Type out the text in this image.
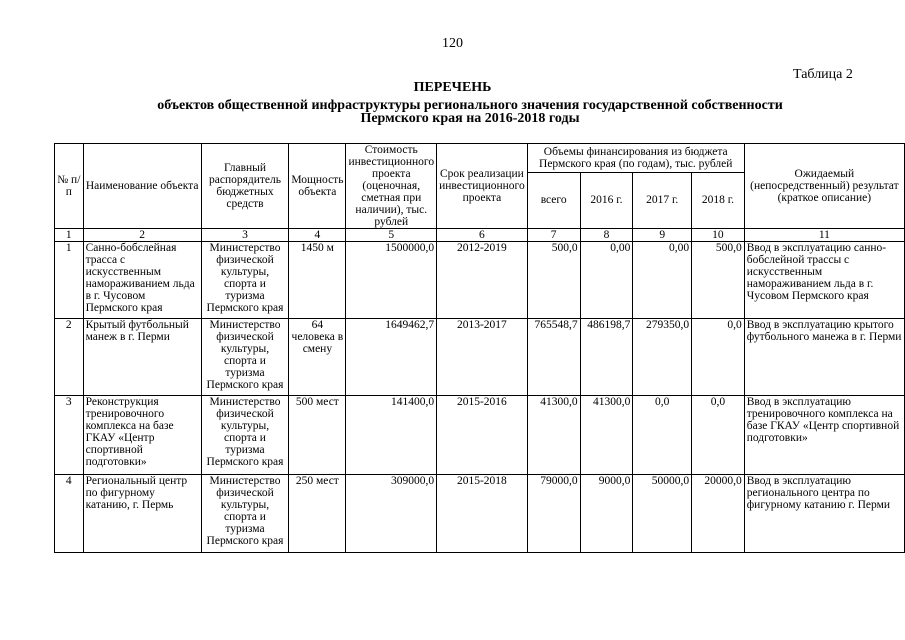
120
Таблица 2
ПЕРЕЧЕНЬ
объектов общественной инфраструктуры регионального значения государственной собственности
Пермского края на 2016-2018 годы
№ п/п	Наименование объекта	Главный распорядитель бюджетных средств	Мощность объекта	Стоимость инвестиционного проекта (оценочная, сметная при наличии), тыс. рублей	Срок реализации инвестиционного проекта	Объемы финансирования из бюджета Пермского края (по годам), тыс. рублей				Ожидаемый (непосредственный) результат (краткое описание)
						всего	2016 г.	2017 г.	2018 г.	
1	2	3	4	5	6	7	8	9	10	11
1	Санно-бобслейная трасса с искусственным намораживанием льда в г. Чусовом Пермского края	Министерство физической культуры, спорта и туризма Пермского края	1450 м	1500000,0	2012-2019	500,0	0,00	0,00	500,0	Ввод в эксплуатацию санно-бобслейной трассы с искусственным намораживанием льда в г. Чусовом Пермского края
2	Крытый футбольный манеж в г. Перми	Министерство физической культуры, спорта и туризма Пермского края	64 человека в смену	1649462,7	2013-2017	765548,7	486198,7	279350,0	0,0	Ввод в эксплуатацию крытого футбольного манежа в г. Перми
3	Реконструкция тренировочного комплекса на базе ГКАУ «Центр спортивной подготовки»	Министерство физической культуры, спорта и туризма Пермского края	500 мест	141400,0	2015-2016	41300,0	41300,0	0,0	0,0	Ввод в эксплуатацию тренировочного комплекса на базе ГКАУ «Центр спортивной подготовки»
4	Региональный центр по фигурному катанию, г. Пермь	Министерство физической культуры, спорта и туризма Пермского края	250 мест	309000,0	2015-2018	79000,0	9000,0	50000,0	20000,0	Ввод в эксплуатацию регионального центра по фигурному катанию г. Перми
